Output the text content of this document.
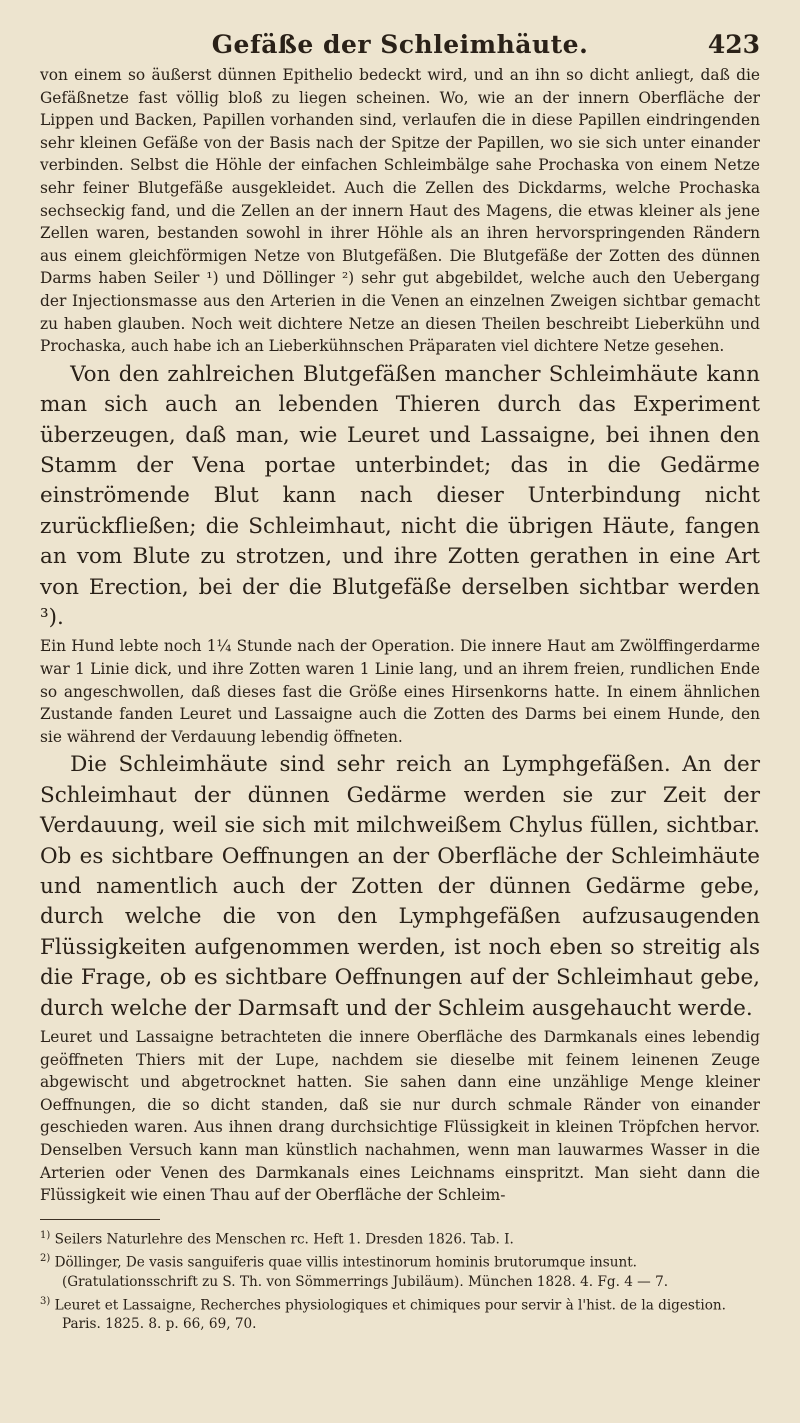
Gefäße der Schleimhäute.	423

von einem so äußerst dünnen Epithelio bedeckt wird, und an ihn so dicht anliegt, daß die Gefäßnetze fast völlig bloß zu liegen scheinen. Wo, wie an der innern Oberfläche der Lippen und Backen, Papillen vorhanden sind, verlaufen die in diese Papillen eindringenden sehr kleinen Gefäße von der Basis nach der Spitze der Papillen, wo sie sich unter einander verbinden. Selbst die Höhle der einfachen Schleimbälge sahe Prochaska von einem Netze sehr feiner Blutgefäße ausgekleidet. Auch die Zellen des Dickdarms, welche Prochaska sechseckig fand, und die Zellen an der innern Haut des Magens, die etwas kleiner als jene Zellen waren, bestanden sowohl in ihrer Höhle als an ihren hervorspringenden Rändern aus einem gleichförmigen Netze von Blutgefäßen. Die Blutgefäße der Zotten des dünnen Darms haben Seiler ¹) und Döllinger ²) sehr gut abgebildet, welche auch den Uebergang der Injectionsmasse aus den Arterien in die Venen an einzelnen Zweigen sichtbar gemacht zu haben glauben. Noch weit dichtere Netze an diesen Theilen beschreibt Lieberkühn und Prochaska, auch habe ich an Lieberkühnschen Präparaten viel dichtere Netze gesehen.

Von den zahlreichen Blutgefäßen mancher Schleimhäute kann man sich auch an lebenden Thieren durch das Experiment überzeugen, daß man, wie Leuret und Lassaigne, bei ihnen den Stamm der Vena portae unterbindet; das in die Gedärme einströmende Blut kann nach dieser Unterbindung nicht zurückfließen; die Schleimhaut, nicht die übrigen Häute, fangen an vom Blute zu strotzen, und ihre Zotten gerathen in eine Art von Erection, bei der die Blutgefäße derselben sichtbar werden ³).

Ein Hund lebte noch 1¼ Stunde nach der Operation. Die innere Haut am Zwölffingerdarme war 1 Linie dick, und ihre Zotten waren 1 Linie lang, und an ihrem freien, rundlichen Ende so angeschwollen, daß dieses fast die Größe eines Hirsenkorns hatte. In einem ähnlichen Zustande fanden Leuret und Lassaigne auch die Zotten des Darms bei einem Hunde, den sie während der Verdauung lebendig öffneten.

Die Schleimhäute sind sehr reich an Lymphgefäßen. An der Schleimhaut der dünnen Gedärme werden sie zur Zeit der Verdauung, weil sie sich mit milchweißem Chylus füllen, sichtbar. Ob es sichtbare Oeffnungen an der Oberfläche der Schleimhäute und namentlich auch der Zotten der dünnen Gedärme gebe, durch welche die von den Lymphgefäßen aufzusaugenden Flüssigkeiten aufgenommen werden, ist noch eben so streitig als die Frage, ob es sichtbare Oeffnungen auf der Schleimhaut gebe, durch welche der Darmsaft und der Schleim ausgehaucht werde.

Leuret und Lassaigne betrachteten die innere Oberfläche des Darmkanals eines lebendig geöffneten Thiers mit der Lupe, nachdem sie dieselbe mit feinem leinenen Zeuge abgewischt und abgetrocknet hatten. Sie sahen dann eine unzählige Menge kleiner Oeffnungen, die so dicht standen, daß sie nur durch schmale Ränder von einander geschieden waren. Aus ihnen drang durchsichtige Flüssigkeit in kleinen Tröpfchen hervor. Denselben Versuch kann man künstlich nachahmen, wenn man lauwarmes Wasser in die Arterien oder Venen des Darmkanals eines Leichnams einspritzt. Man sieht dann die Flüssigkeit wie einen Thau auf der Oberfläche der Schleim-

$^{1)}$ Seilers Naturlehre des Menschen rc. Heft 1. Dresden 1826. Tab. I.

$^{2)}$ Döllinger, De vasis sanguiferis quae villis intestinorum hominis brutorumque insunt. (Gratulationsschrift zu S. Th. von Sömmerrings Jubiläum). München 1828. 4. Fg. 4 — 7.

$^{3)}$ Leuret et Lassaigne, Recherches physiologiques et chimiques pour servir à l'hist. de la digestion. Paris. 1825. 8. p. 66, 69, 70.
